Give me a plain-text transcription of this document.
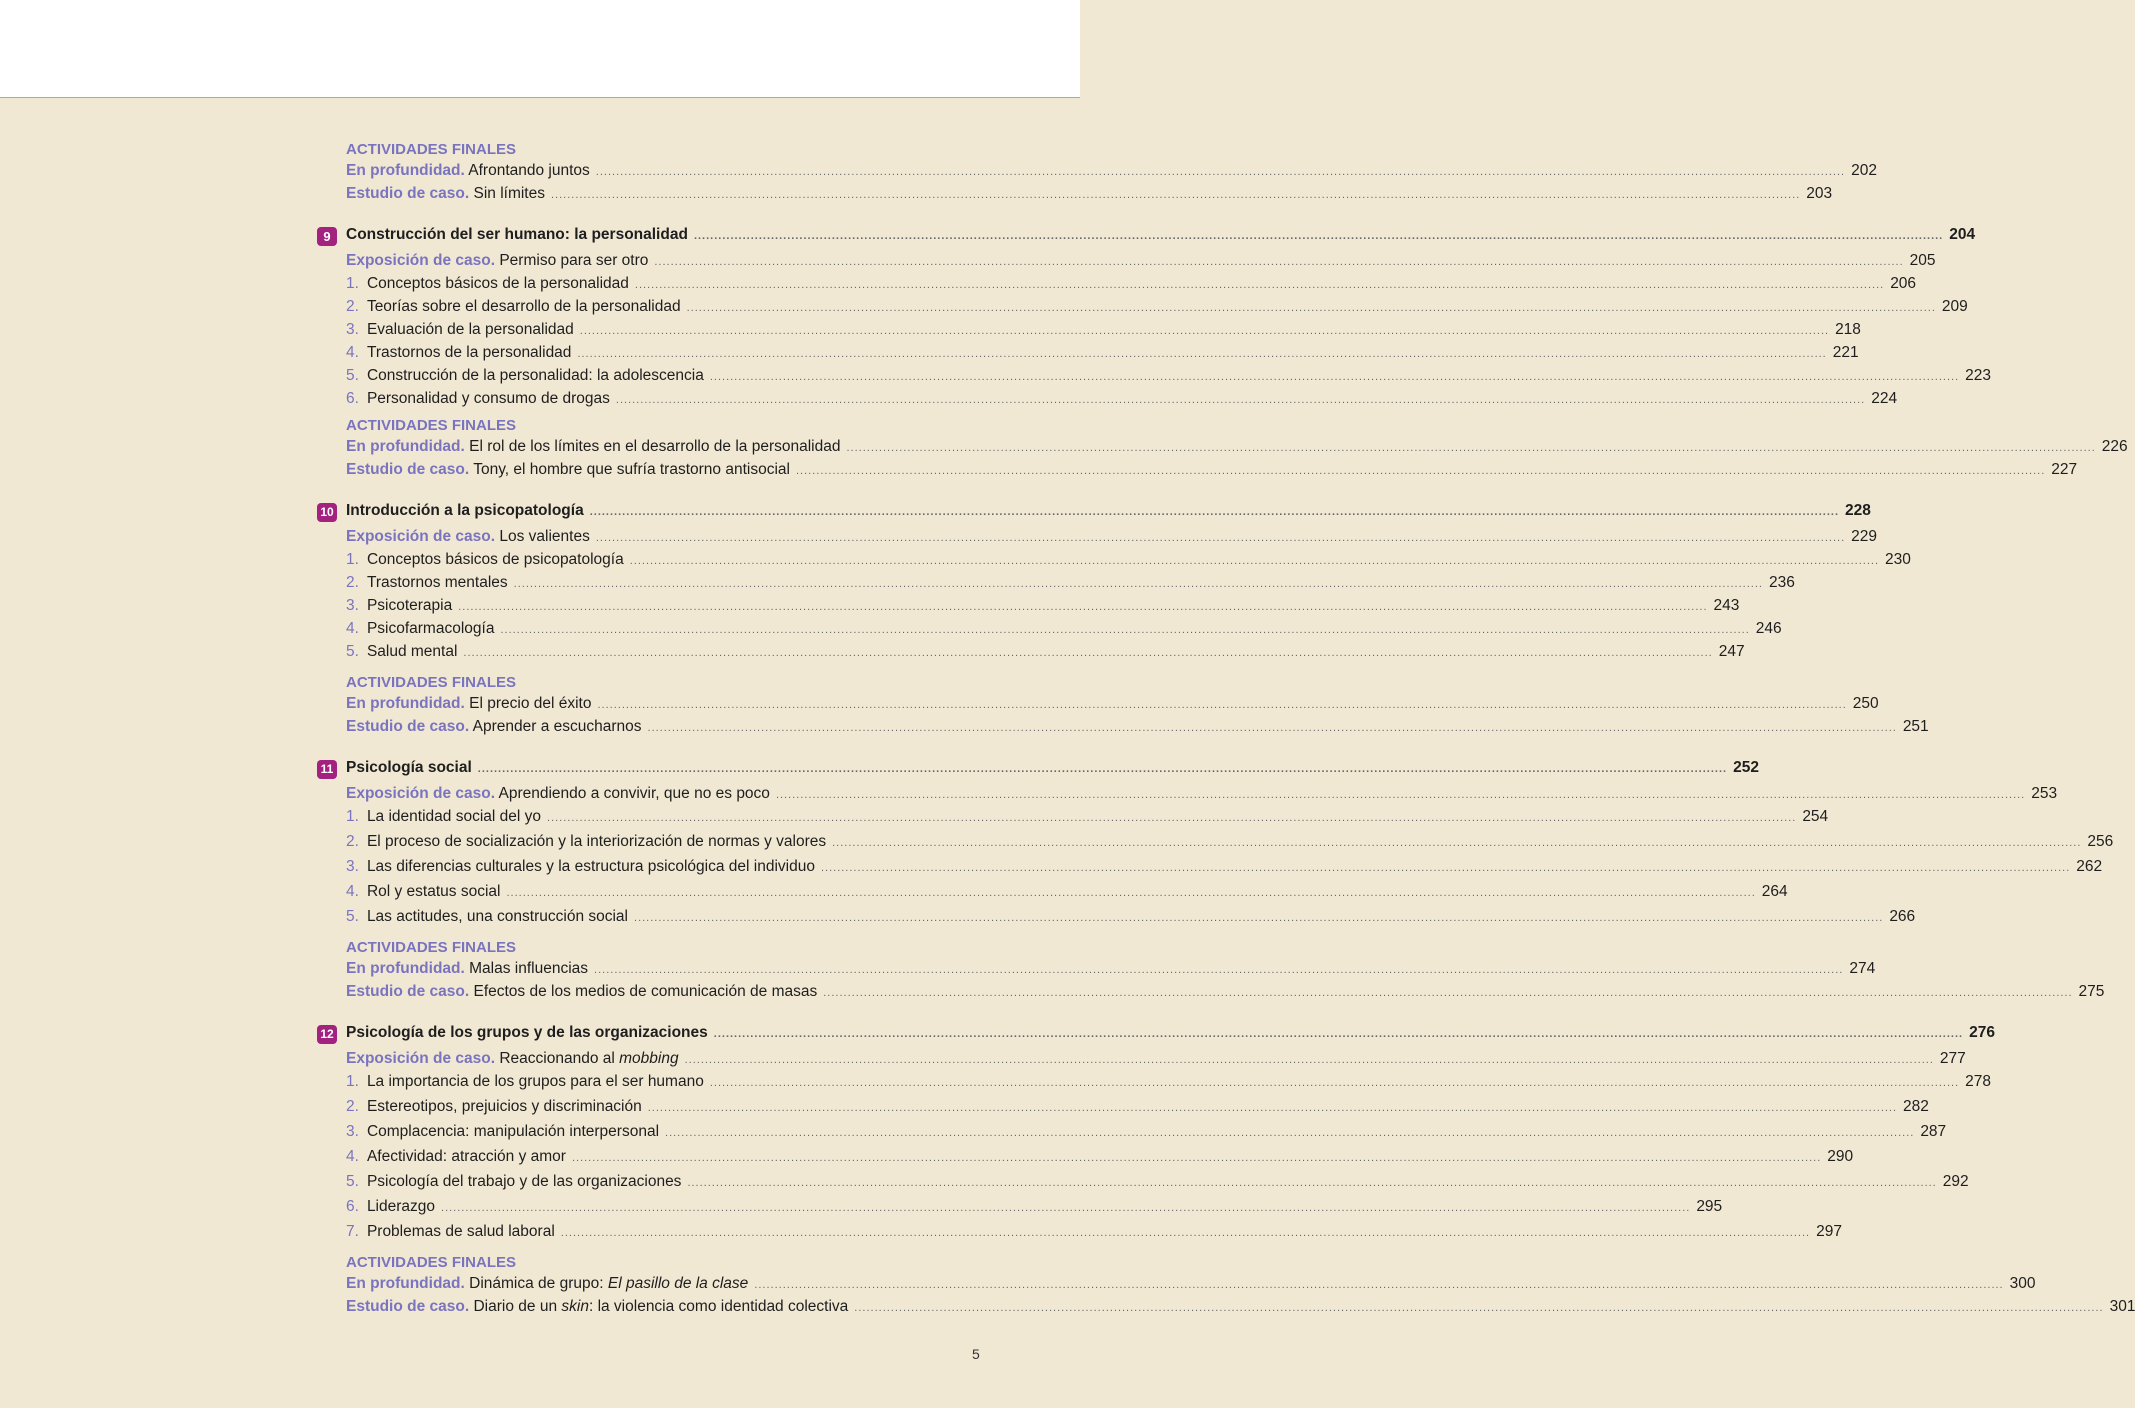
ACTIVIDADES FINALES
En profundidad. Afrontando juntos .....	202
Estudio de caso. Sin límites .....	203
9 Construcción del ser humano: la personalidad .....	204
Exposición de caso. Permiso para ser otro .....	205
1. Conceptos básicos de la personalidad .....	206
2. Teorías sobre el desarrollo de la personalidad .....	209
3. Evaluación de la personalidad .....	218
4. Trastornos de la personalidad .....	221
5. Construcción de la personalidad: la adolescencia .....	223
6. Personalidad y consumo de drogas .....	224
ACTIVIDADES FINALES
En profundidad. El rol de los límites en el desarrollo de la personalidad .....	226
Estudio de caso. Tony, el hombre que sufría trastorno antisocial .....	227
10 Introducción a la psicopatología .....	228
Exposición de caso. Los valientes .....	229
1. Conceptos básicos de psicopatología .....	230
2. Trastornos mentales .....	236
3. Psicoterapia .....	243
4. Psicofarmacología .....	246
5. Salud mental .....	247
ACTIVIDADES FINALES
En profundidad. El precio del éxito .....	250
Estudio de caso. Aprender a escucharnos .....	251
11 Psicología social .....	252
Exposición de caso. Aprendiendo a convivir, que no es poco .....	253
1. La identidad social del yo .....	254
2. El proceso de socialización y la interiorización de normas y valores .....	256
3. Las diferencias culturales y la estructura psicológica del individuo .....	262
4. Rol y estatus social .....	264
5. Las actitudes, una construcción social .....	266
ACTIVIDADES FINALES
En profundidad. Malas influencias .....	274
Estudio de caso. Efectos de los medios de comunicación de masas .....	275
12 Psicología de los grupos y de las organizaciones .....	276
Exposición de caso. Reaccionando al mobbing .....	277
1. La importancia de los grupos para el ser humano .....	278
2. Estereotipos, prejuicios y discriminación .....	282
3. Complacencia: manipulación interpersonal .....	287
4. Afectividad: atracción y amor .....	290
5. Psicología del trabajo y de las organizaciones .....	292
6. Liderazgo .....	295
7. Problemas de salud laboral .....	297
ACTIVIDADES FINALES
En profundidad. Dinámica de grupo: El pasillo de la clase .....	300
Estudio de caso. Diario de un skin: la violencia como identidad colectiva .....	301
5
